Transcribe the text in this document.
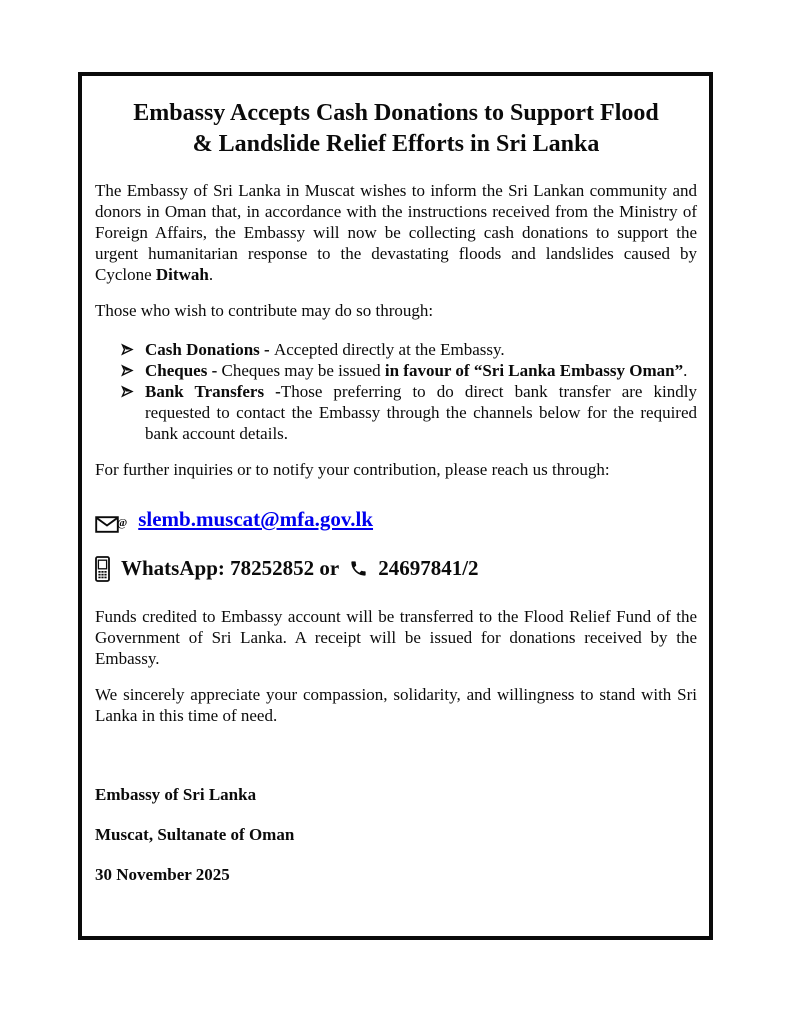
Embassy Accepts Cash Donations to Support Flood
& Landslide Relief Efforts in Sri Lanka

The Embassy of Sri Lanka in Muscat wishes to inform the Sri Lankan community and donors in Oman that, in accordance with the instructions received from the Ministry of Foreign Affairs, the Embassy will now be collecting cash donations to support the urgent humanitarian response to the devastating floods and landslides caused by Cyclone Ditwah.

Those who wish to contribute may do so through:

Cash Donations - Accepted directly at the Embassy.
Cheques - Cheques may be issued in favour of “Sri Lanka Embassy Oman”.
Bank Transfers -Those preferring to do direct bank transfer are kindly requested to contact the Embassy through the channels below for the required bank account details.

For further inquiries or to notify your contribution, please reach us through:

@ slemb.muscat@mfa.gov.lk
WhatsApp: 78252852 or 24697841/2

Funds credited to Embassy account will be transferred to the Flood Relief Fund of the Government of Sri Lanka. A receipt will be issued for donations received by the Embassy.

We sincerely appreciate your compassion, solidarity, and willingness to stand with Sri Lanka in this time of need.

Embassy of Sri Lanka

Muscat, Sultanate of Oman

30 November 2025
